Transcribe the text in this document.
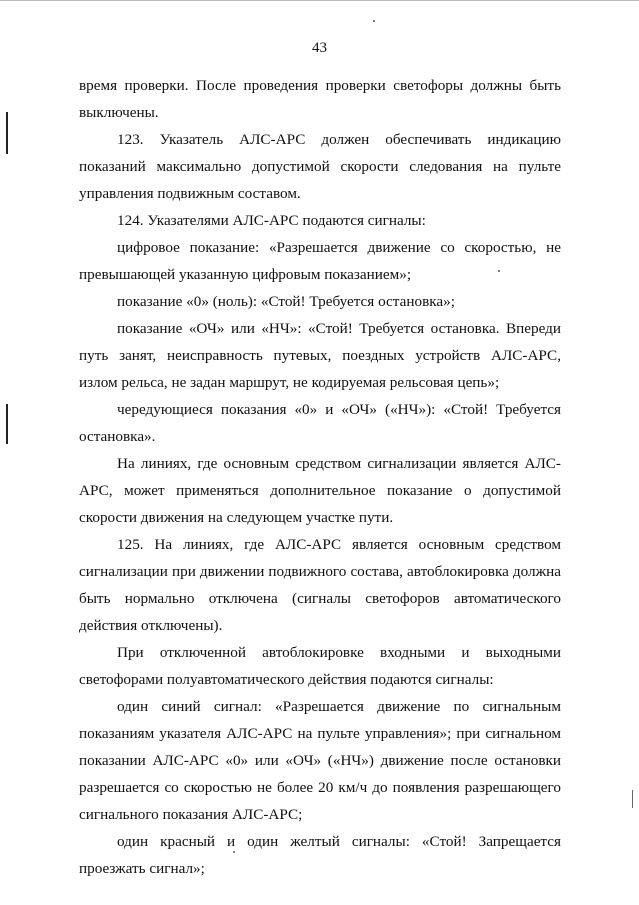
43

время проверки. После проведения проверки светофоры должны быть выключены.

123. Указатель АЛС-АРС должен обеспечивать индикацию показаний максимально допустимой скорости следования на пульте управления подвижным составом.

124. Указателями АЛС-АРС подаются сигналы:

цифровое показание: «Разрешается движение со скоростью, не превышающей указанную цифровым показанием»;

показание «0» (ноль): «Стой! Требуется остановка»;

показание «ОЧ» или «НЧ»: «Стой! Требуется остановка. Впереди путь занят, неисправность путевых, поездных устройств АЛС-АРС, излом рельса, не задан маршрут, не кодируемая рельсовая цепь»;

чередующиеся показания «0» и «ОЧ» («НЧ»): «Стой! Требуется остановка».

На линиях, где основным средством сигнализации является АЛС-АРС, может применяться дополнительное показание о допустимой скорости движения на следующем участке пути.

125. На линиях, где АЛС-АРС является основным средством сигнализации при движении подвижного состава, автоблокировка должна быть нормально отключена (сигналы светофоров автоматического действия отключены).

При отключенной автоблокировке входными и выходными светофорами полуавтоматического действия подаются сигналы:

один синий сигнал: «Разрешается движение по сигнальным показаниям указателя АЛС-АРС на пульте управления»; при сигнальном показании АЛС-АРС «0» или «ОЧ» («НЧ») движение после остановки разрешается со скоростью не более 20 км/ч до появления разрешающего сигнального показания АЛС-АРС;

один красный и один желтый сигналы: «Стой! Запрещается проезжать сигнал»;
